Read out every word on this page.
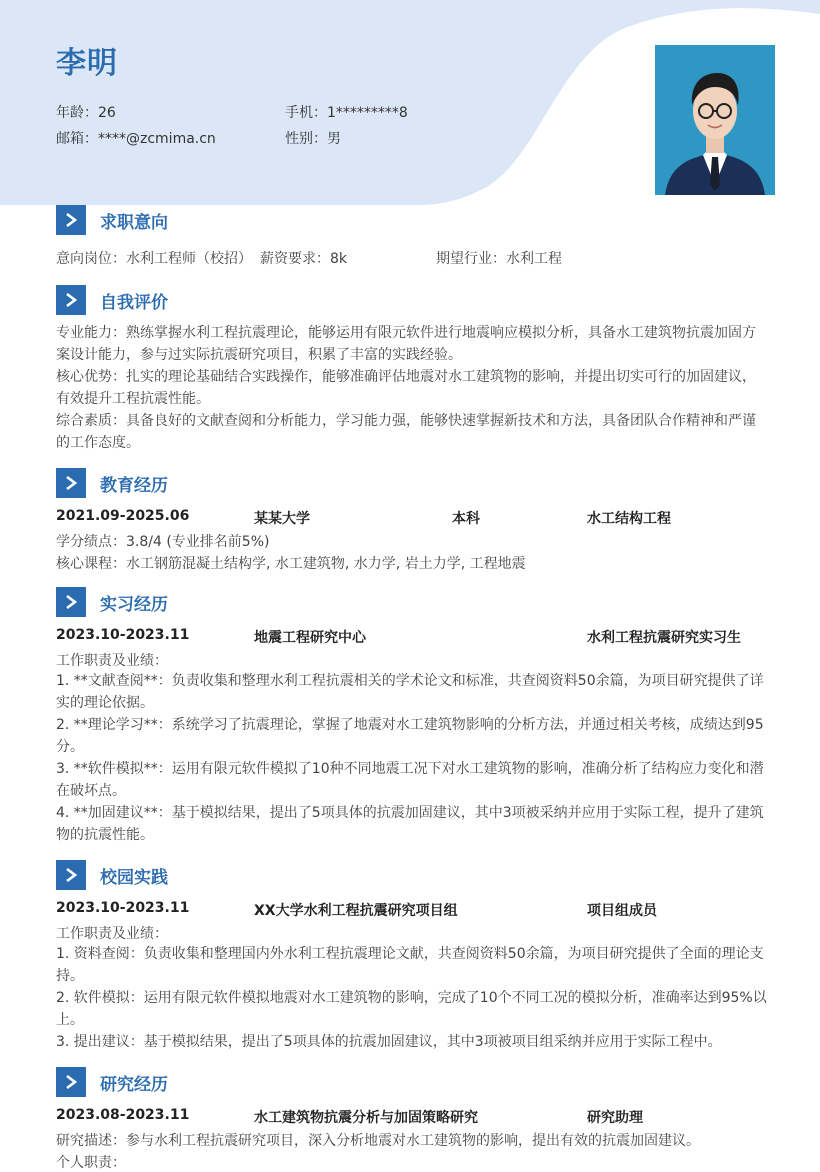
李明
年龄：26	手机：1*********8
邮箱：****@zcmima.cn	性别：男
求职意向
意向岗位：水利工程师（校招） 薪资要求：8k	期望行业：水利工程
自我评价
专业能力：熟练掌握水利工程抗震理论，能够运用有限元软件进行地震响应模拟分析，具备水工建筑物抗震加固方案设计能力，参与过实际抗震研究项目，积累了丰富的实践经验。
核心优势：扎实的理论基础结合实践操作，能够准确评估地震对水工建筑物的影响，并提出切实可行的加固建议，有效提升工程抗震性能。
综合素质：具备良好的文献查阅和分析能力，学习能力强，能够快速掌握新技术和方法，具备团队合作精神和严谨的工作态度。
教育经历
2021.09-2025.06	某某大学	本科	水工结构工程
学分绩点：3.8/4 (专业排名前5%)
核心课程：水工钢筋混凝土结构学, 水工建筑物, 水力学, 岩土力学, 工程地震
实习经历
2023.10-2023.11	地震工程研究中心	水利工程抗震研究实习生
工作职责及业绩：
1. **文献查阅**：负责收集和整理水利工程抗震相关的学术论文和标准，共查阅资料50余篇，为项目研究提供了详实的理论依据。
2. **理论学习**：系统学习了抗震理论，掌握了地震对水工建筑物影响的分析方法，并通过相关考核，成绩达到95分。
3. **软件模拟**：运用有限元软件模拟了10种不同地震工况下对水工建筑物的影响，准确分析了结构应力变化和潜在破坏点。
4. **加固建议**：基于模拟结果，提出了5项具体的抗震加固建议，其中3项被采纳并应用于实际工程，提升了建筑物的抗震性能。
校园实践
2023.10-2023.11	XX大学水利工程抗震研究项目组	项目组成员
工作职责及业绩：
1. 资料查阅：负责收集和整理国内外水利工程抗震理论文献，共查阅资料50余篇，为项目研究提供了全面的理论支持。
2. 软件模拟：运用有限元软件模拟地震对水工建筑物的影响，完成了10个不同工况的模拟分析，准确率达到95%以上。
3. 提出建议：基于模拟结果，提出了5项具体的抗震加固建议，其中3项被项目组采纳并应用于实际工程中。
研究经历
2023.08-2023.11	水工建筑物抗震分析与加固策略研究	研究助理
研究描述：参与水利工程抗震研究项目，深入分析地震对水工建筑物的影响，提出有效的抗震加固建议。
个人职责：
